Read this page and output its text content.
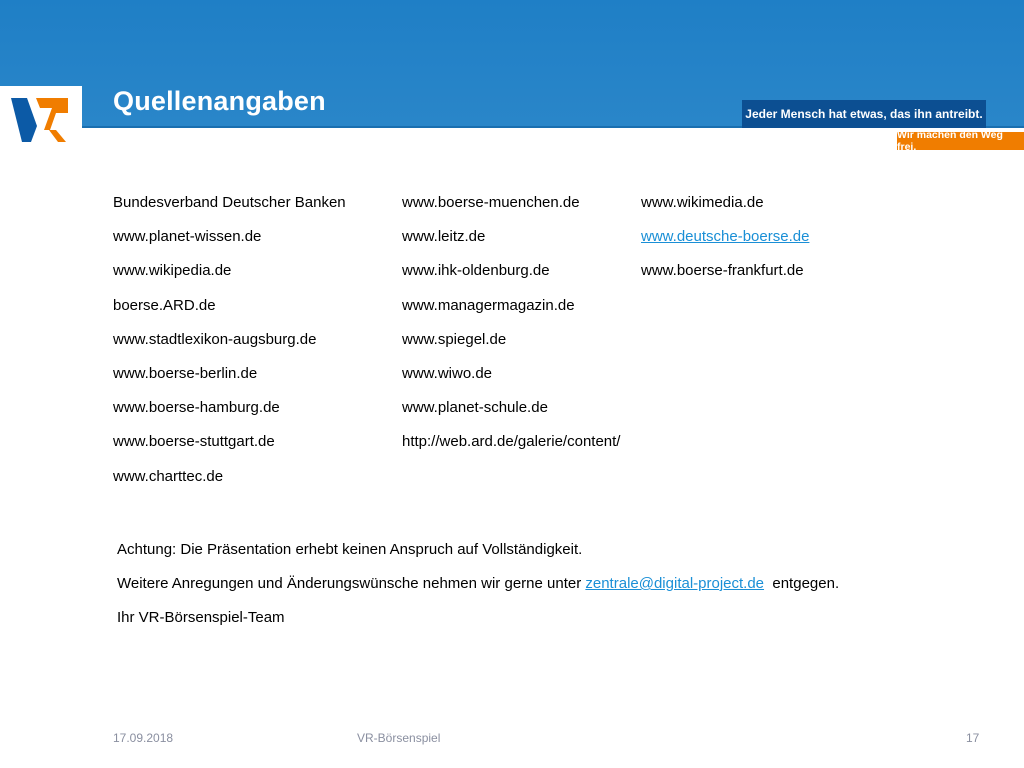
Quellenangaben	Jeder Mensch hat etwas, das ihn antreibt.
Wir machen den Weg frei.
Bundesverband Deutscher Banken
www.planet-wissen.de
www.wikipedia.de
boerse.ARD.de
www.stadtlexikon-augsburg.de
www.boerse-berlin.de
www.boerse-hamburg.de
www.boerse-stuttgart.de
www.charttec.de
www.boerse-muenchen.de
www.leitz.de
www.ihk-oldenburg.de
www.managermagazin.de
www.spiegel.de
www.wiwo.de
www.planet-schule.de
http://web.ard.de/galerie/content/
www.wikimedia.de
www.deutsche-boerse.de
www.boerse-frankfurt.de

Achtung: Die Präsentation erhebt keinen Anspruch auf Vollständigkeit.

Weitere Anregungen und Änderungswünsche nehmen wir gerne unter zentrale@digital-project.de entgegen.

Ihr VR-Börsenspiel-Team

17.09.2018	VR-Börsenspiel	17
